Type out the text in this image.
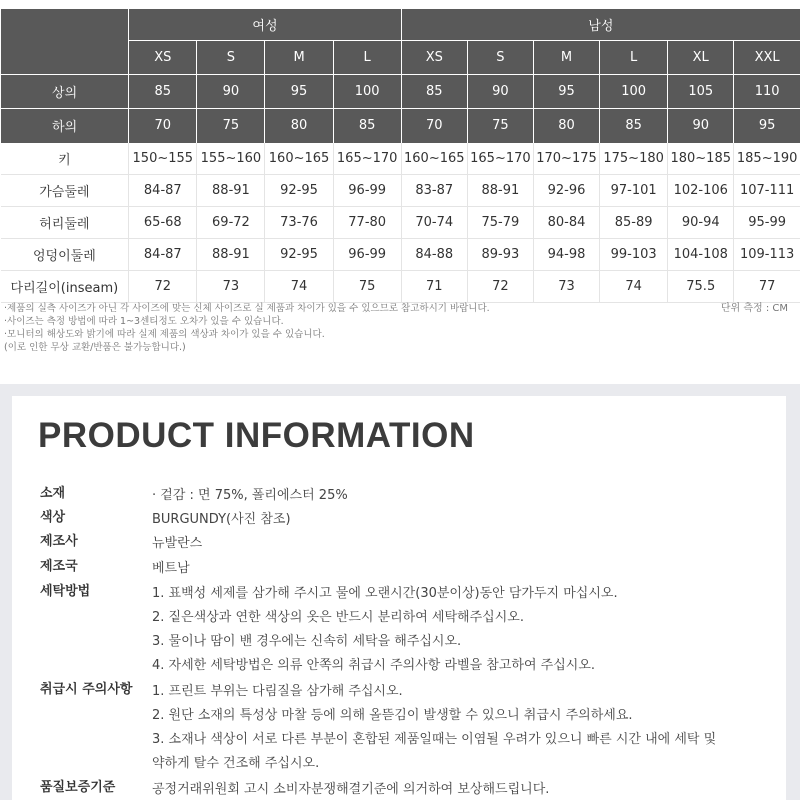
	여성				남성					
	XS	S	M	L	XS	S	M	L	XL	XXL
상의	85	90	95	100	85	90	95	100	105	110
하의	70	75	80	85	70	75	80	85	90	95
키	150~155	155~160	160~165	165~170	160~165	165~170	170~175	175~180	180~185	185~190
가슴둘레	84-87	88-91	92-95	96-99	83-87	88-91	92-96	97-101	102-106	107-111
허리둘레	65-68	69-72	73-76	77-80	70-74	75-79	80-84	85-89	90-94	95-99
엉덩이둘레	84-87	88-91	92-95	96-99	84-88	89-93	94-98	99-103	104-108	109-113
다리길이(inseam)	72	73	74	75	71	72	73	74	75.5	77
·제품의 실측 사이즈가 아닌 각 사이즈에 맞는 신체 사이즈로 실 제품과 차이가 있을 수 있으므로 참고하시기 바랍니다.
·사이즈는 측정 방법에 따라 1~3센티정도 오차가 있을 수 있습니다.
·모니터의 해상도와 밝기에 따라 실제 제품의 색상과 차이가 있을 수 있습니다.
(이로 인한 무상 교환/반품은 불가능합니다.)
단위 측정 : CM
PRODUCT INFORMATION
소재	· 겉감 : 면 75%, 폴리에스터 25%
색상	BURGUNDY(사진 참조)
제조사	뉴발란스
제조국	베트남
세탁방법	1. 표백성 세제를 삼가해 주시고 물에 오랜시간(30분이상)동안 담가두지 마십시오.
2. 짙은색상과 연한 색상의 옷은 반드시 분리하여 세탁해주십시오.
3. 물이나 땀이 밴 경우에는 신속히 세탁을 해주십시오.
4. 자세한 세탁방법은 의류 안쪽의 취급시 주의사항 라벨을 참고하여 주십시오.
취급시 주의사항	1. 프린트 부위는 다림질을 삼가해 주십시오.
2. 원단 소재의 특성상 마찰 등에 의해 올뜯김이 발생할 수 있으니 취급시 주의하세요.
3. 소재나 색상이 서로 다른 부분이 혼합된 제품일때는 이염될 우려가 있으니 빠른 시간 내에 세탁 및
약하게 탈수 건조해 주십시오.
품질보증기준	공정거래위원회 고시 소비자분쟁해결기준에 의거하여 보상해드립니다.
